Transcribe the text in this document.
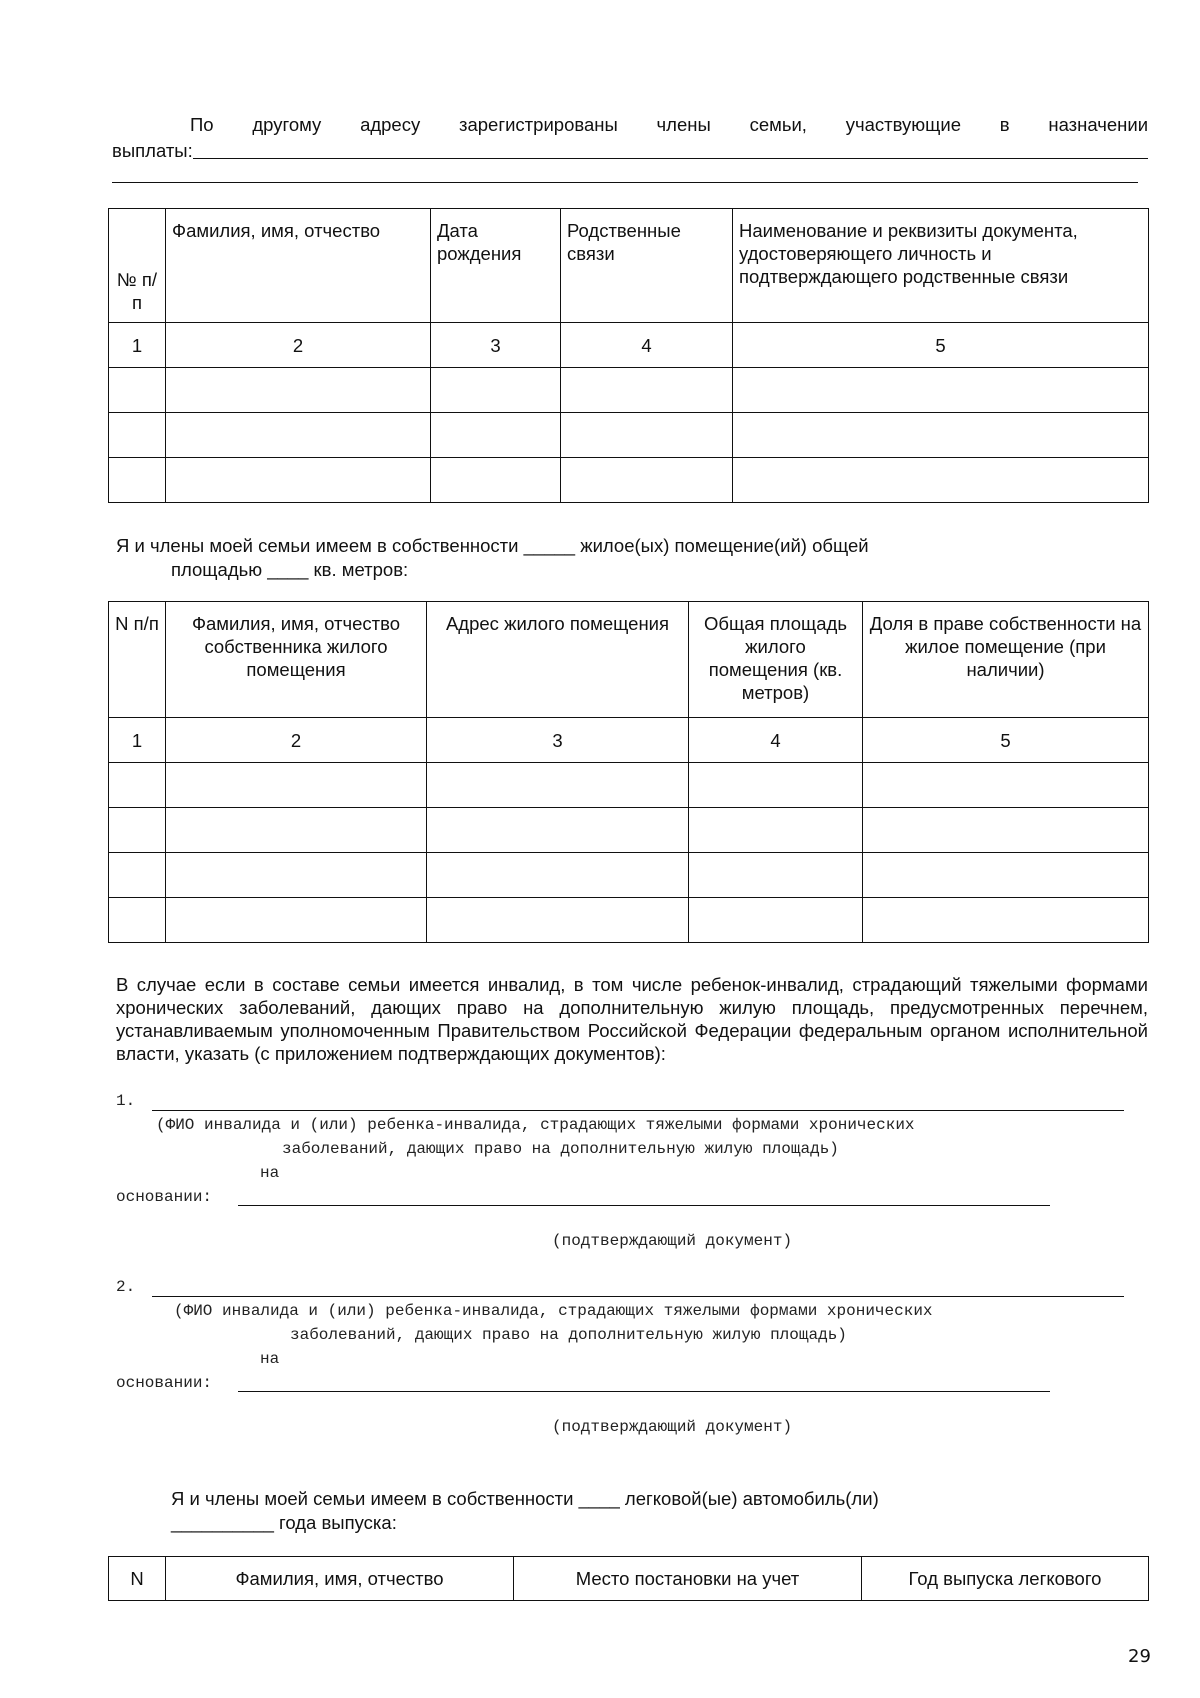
По другому адресу зарегистрированы члены семьи, участвующие в назначении
выплаты:
№ п/п	Фамилия, имя, отчество	Дата рождения	Родственные связи	Наименование и реквизиты документа, удостоверяющего личность и подтверждающего родственные связи
1	2	3	4	5

Я и члены моей семьи имеем в собственности _____ жилое(ых) помещение(ий) общей
площадью ____ кв. метров:
N п/п	Фамилия, имя, отчество собственника жилого помещения	Адрес жилого помещения	Общая площадь жилого помещения (кв. метров)	Доля в праве собственности на жилое помещение (при наличии)
1	2	3	4	5

В случае если в составе семьи имеется инвалид, в том числе ребенок-инвалид, страдающий тяжелыми формами хронических заболеваний, дающих право на дополнительную жилую площадь, предусмотренных перечнем, устанавливаемым уполномоченным Правительством Российской Федерации федеральным органом исполнительной власти, указать (с приложением подтверждающих документов):
1.
(ФИО инвалида и (или) ребенка-инвалида, страдающих тяжелыми формами хронических
заболеваний, дающих право на дополнительную жилую площадь)
на
основании:
(подтверждающий документ)
2.
(ФИО инвалида и (или) ребенка-инвалида, страдающих тяжелыми формами хронических
заболеваний, дающих право на дополнительную жилую площадь)
на
основании:
(подтверждающий документ)
Я и члены моей семьи имеем в собственности ____ легковой(ые) автомобиль(ли)
__________ года выпуска:
N	Фамилия, имя, отчество	Место постановки на учет	Год выпуска легкового
29
